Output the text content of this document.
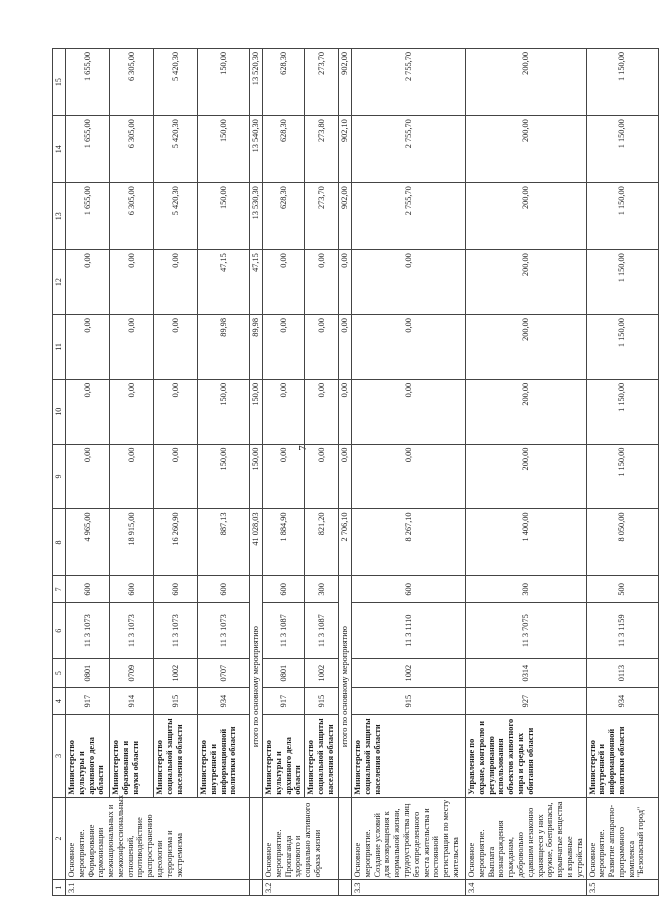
7
1	2	3	4	5	6	7	8	9	10	11	12	13	14	15
3.1	Основное мероприятие. Формирование гармонизации межнациональных и межконфессиональных отношений, противодействие распространению идеологии терроризма и экстремизма	Министерство культуры и архивного дела области	917	0801	11 3 1073	600	4 965,00	0,00	0,00	0,00	0,00	1 655,00	1 655,00	1 655,00
		Министерство образования и науки области	914	0709	11 3 1073	600	18 915,00	0,00	0,00	0,00	0,00	6 305,00	6 305,00	6 305,00
		Министерство социальной защиты населения области	915	1002	11 3 1073	600	16 260,90	0,00	0,00	0,00	0,00	5 420,30	5 420,30	5 420,30
		Министерство внутренней и информационной политики области	934	0707	11 3 1073	600	887,13	150,00	150,00	89,98	47,15	150,00	150,00	150,00
		итого по основному мероприятию					41 028,03	150,00	150,00	89,98	47,15	13 530,30	13 540,30	13 520,30
3.2	Основное мероприятие. Пропаганда здорового и социально активного образа жизни	Министерство культуры и архивного дела области	917	0801	11 3 1087	600	1 884,90	0,00	0,00	0,00	0,00	628,30	628,30	628,30
		Министерство социальной защиты населения области	915	1002	11 3 1087	300	821,20	0,00	0,00	0,00	0,00	273,70	273,80	273,70
		итого по основному мероприятию					2 706,10	0,00	0,00	0,00	0,00	902,00	902,10	902,00
3.3	Основное мероприятие. Создание условий для возвращения к нормальной жизни, трудоустройства лиц без определенного места жительства и постоянной регистрации по месту жительства	Министерство социальной защиты населения области	915	1002	11 3 1110	600	8 267,10	0,00	0,00	0,00	0,00	2 755,70	2 755,70	2 755,70
3.4	Основное мероприятие. Выплата вознаграждения гражданам, добровольно сдавшим незаконно хранящееся у них оружие, боеприпасы, взрывчатые вещества и взрывные устройства	Управление по охране, контролю и регулированию использования объектов животного мира и среды их обитания области	927	0314	11 3 7075	300	1 400,00	200,00	200,00	200,00	200,00	200,00	200,00	200,00
3.5	Основное мероприятие. Развитие аппаратно-программного комплекса "Безопасный город"	Министерство внутренней и информационной политики области	934	0113	11 3 1159	500	8 050,00	1 150,00	1 150,00	1 150,00	1 150,00	1 150,00	1 150,00	1 150,00
